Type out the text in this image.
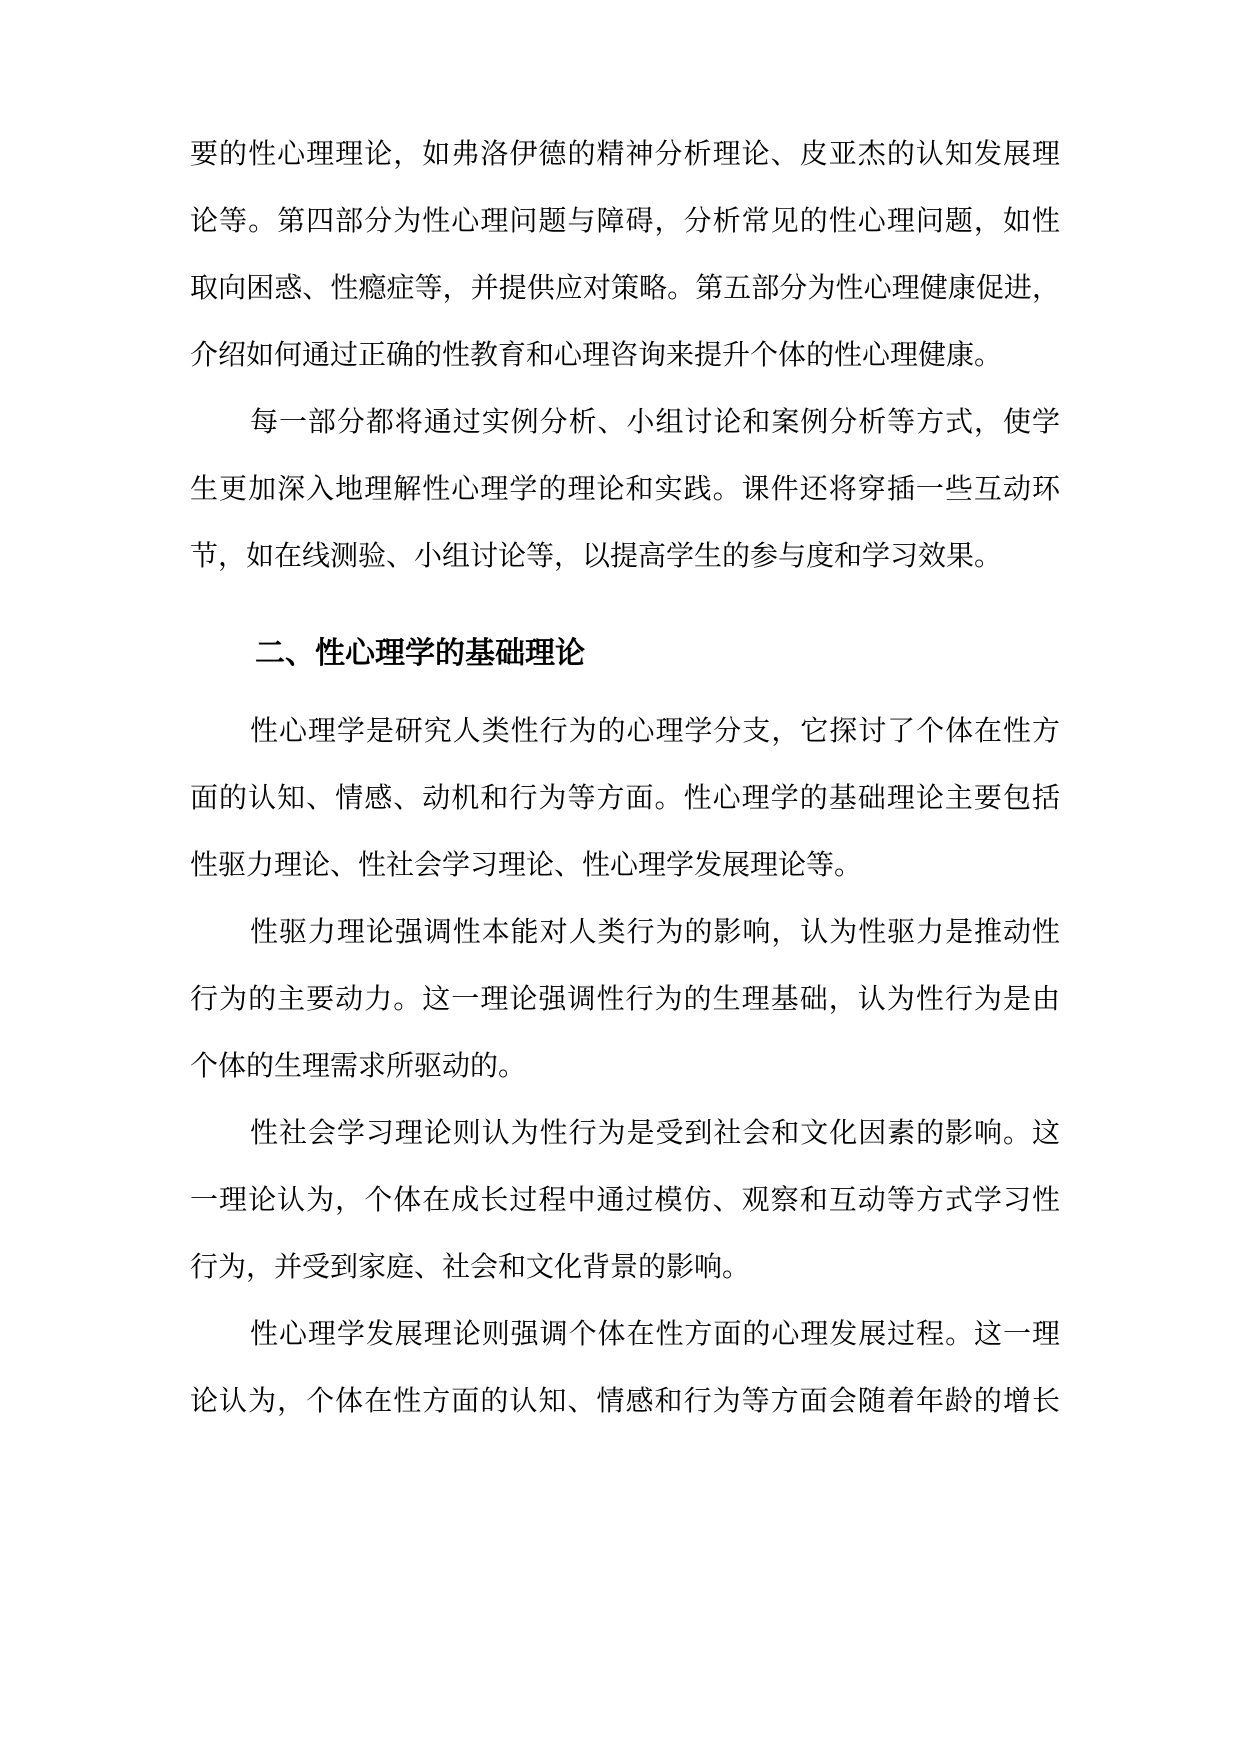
要的性心理理论，如弗洛伊德的精神分析理论、皮亚杰的认知发展理
论等。第四部分为性心理问题与障碍，分析常见的性心理问题，如性
取向困惑、性瘾症等，并提供应对策略。第五部分为性心理健康促进，
介绍如何通过正确的性教育和心理咨询来提升个体的性心理健康。
每一部分都将通过实例分析、小组讨论和案例分析等方式，使学
生更加深入地理解性心理学的理论和实践。课件还将穿插一些互动环
节，如在线测验、小组讨论等，以提高学生的参与度和学习效果。
二、性心理学的基础理论
性心理学是研究人类性行为的心理学分支，它探讨了个体在性方
面的认知、情感、动机和行为等方面。性心理学的基础理论主要包括
性驱力理论、性社会学习理论、性心理学发展理论等。
性驱力理论强调性本能对人类行为的影响，认为性驱力是推动性
行为的主要动力。这一理论强调性行为的生理基础，认为性行为是由
个体的生理需求所驱动的。
性社会学习理论则认为性行为是受到社会和文化因素的影响。这
一理论认为，个体在成长过程中通过模仿、观察和互动等方式学习性
行为，并受到家庭、社会和文化背景的影响。
性心理学发展理论则强调个体在性方面的心理发展过程。这一理
论认为，个体在性方面的认知、情感和行为等方面会随着年龄的增长
